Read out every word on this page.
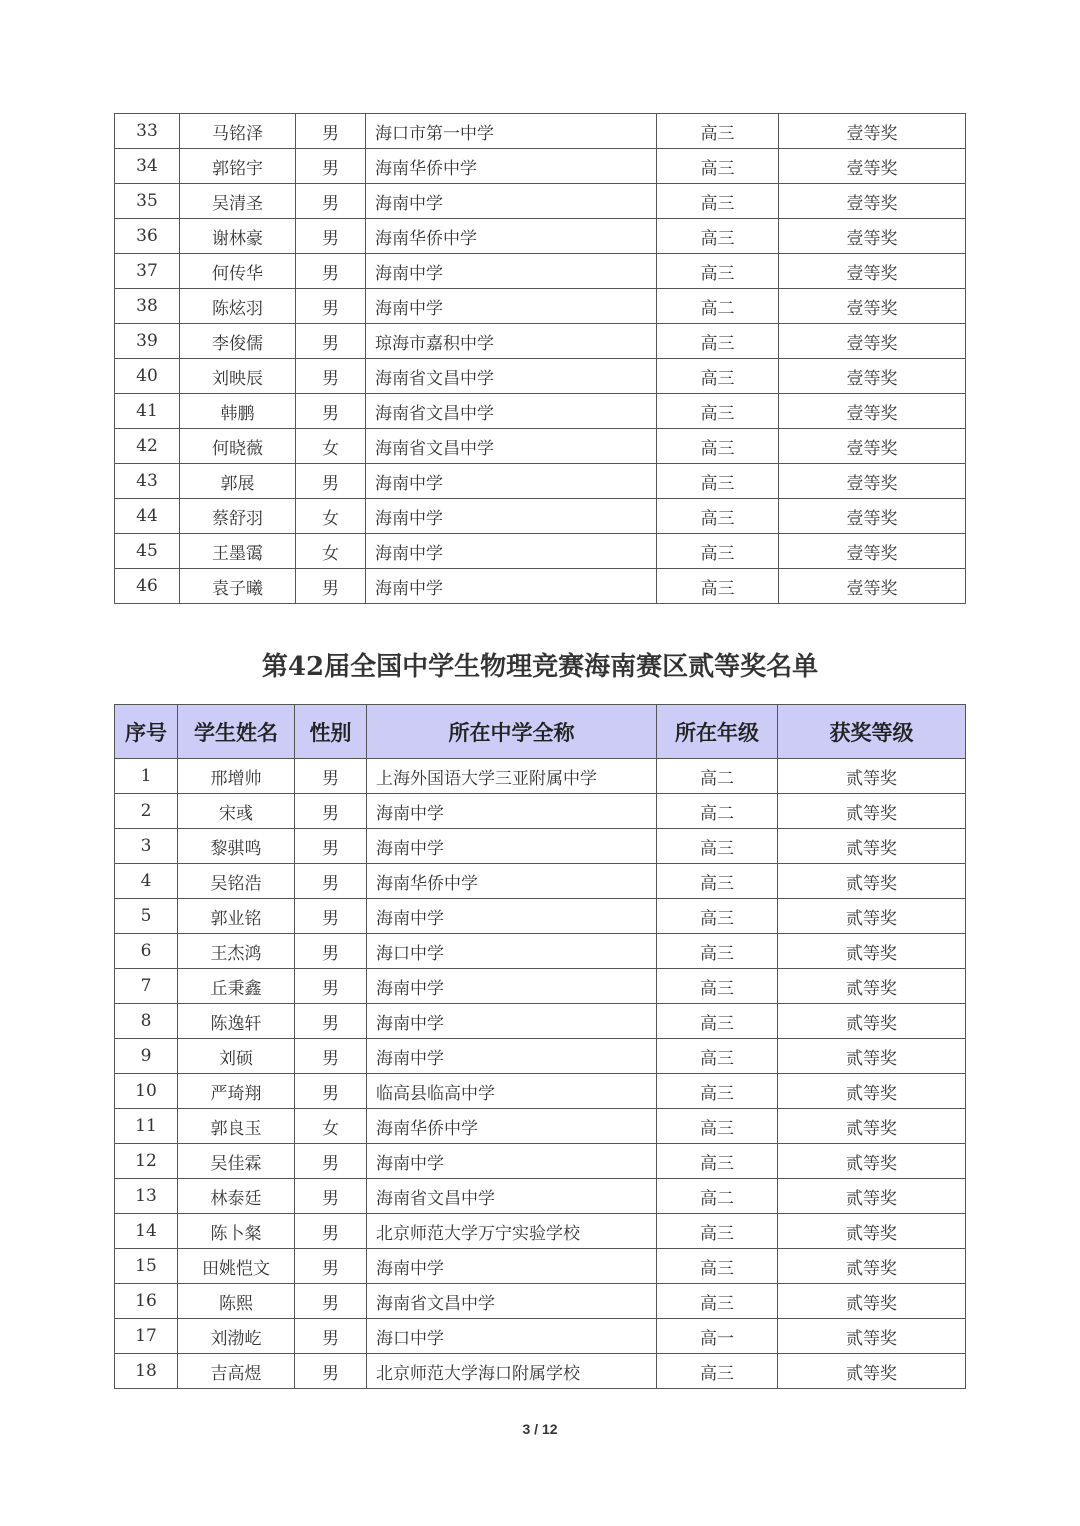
33	马铭泽	男	海口市第一中学	高三	壹等奖
34	郭铭宇	男	海南华侨中学	高三	壹等奖
35	吴清圣	男	海南中学	高三	壹等奖
36	谢林豪	男	海南华侨中学	高三	壹等奖
37	何传华	男	海南中学	高三	壹等奖
38	陈炫羽	男	海南中学	高二	壹等奖
39	李俊儒	男	琼海市嘉积中学	高三	壹等奖
40	刘映辰	男	海南省文昌中学	高三	壹等奖
41	韩鹏	男	海南省文昌中学	高三	壹等奖
42	何晓薇	女	海南省文昌中学	高三	壹等奖
43	郭展	男	海南中学	高三	壹等奖
44	蔡舒羽	女	海南中学	高三	壹等奖
45	王墨霭	女	海南中学	高三	壹等奖
46	袁子曦	男	海南中学	高三	壹等奖
第42届全国中学生物理竞赛海南赛区贰等奖名单
序号	学生姓名	性别	所在中学全称	所在年级	获奖等级
1	邢增帅	男	上海外国语大学三亚附属中学	高二	贰等奖
2	宋彧	男	海南中学	高二	贰等奖
3	黎骐鸣	男	海南中学	高三	贰等奖
4	吴铭浩	男	海南华侨中学	高三	贰等奖
5	郭业铭	男	海南中学	高三	贰等奖
6	王杰鸿	男	海口中学	高三	贰等奖
7	丘秉鑫	男	海南中学	高三	贰等奖
8	陈逸轩	男	海南中学	高三	贰等奖
9	刘硕	男	海南中学	高三	贰等奖
10	严琦翔	男	临高县临高中学	高三	贰等奖
11	郭良玉	女	海南华侨中学	高三	贰等奖
12	吴佳霖	男	海南中学	高三	贰等奖
13	林泰廷	男	海南省文昌中学	高二	贰等奖
14	陈卜粲	男	北京师范大学万宁实验学校	高三	贰等奖
15	田姚恺文	男	海南中学	高三	贰等奖
16	陈熙	男	海南省文昌中学	高三	贰等奖
17	刘渤屹	男	海口中学	高一	贰等奖
18	吉高煜	男	北京师范大学海口附属学校	高三	贰等奖
3 / 12
